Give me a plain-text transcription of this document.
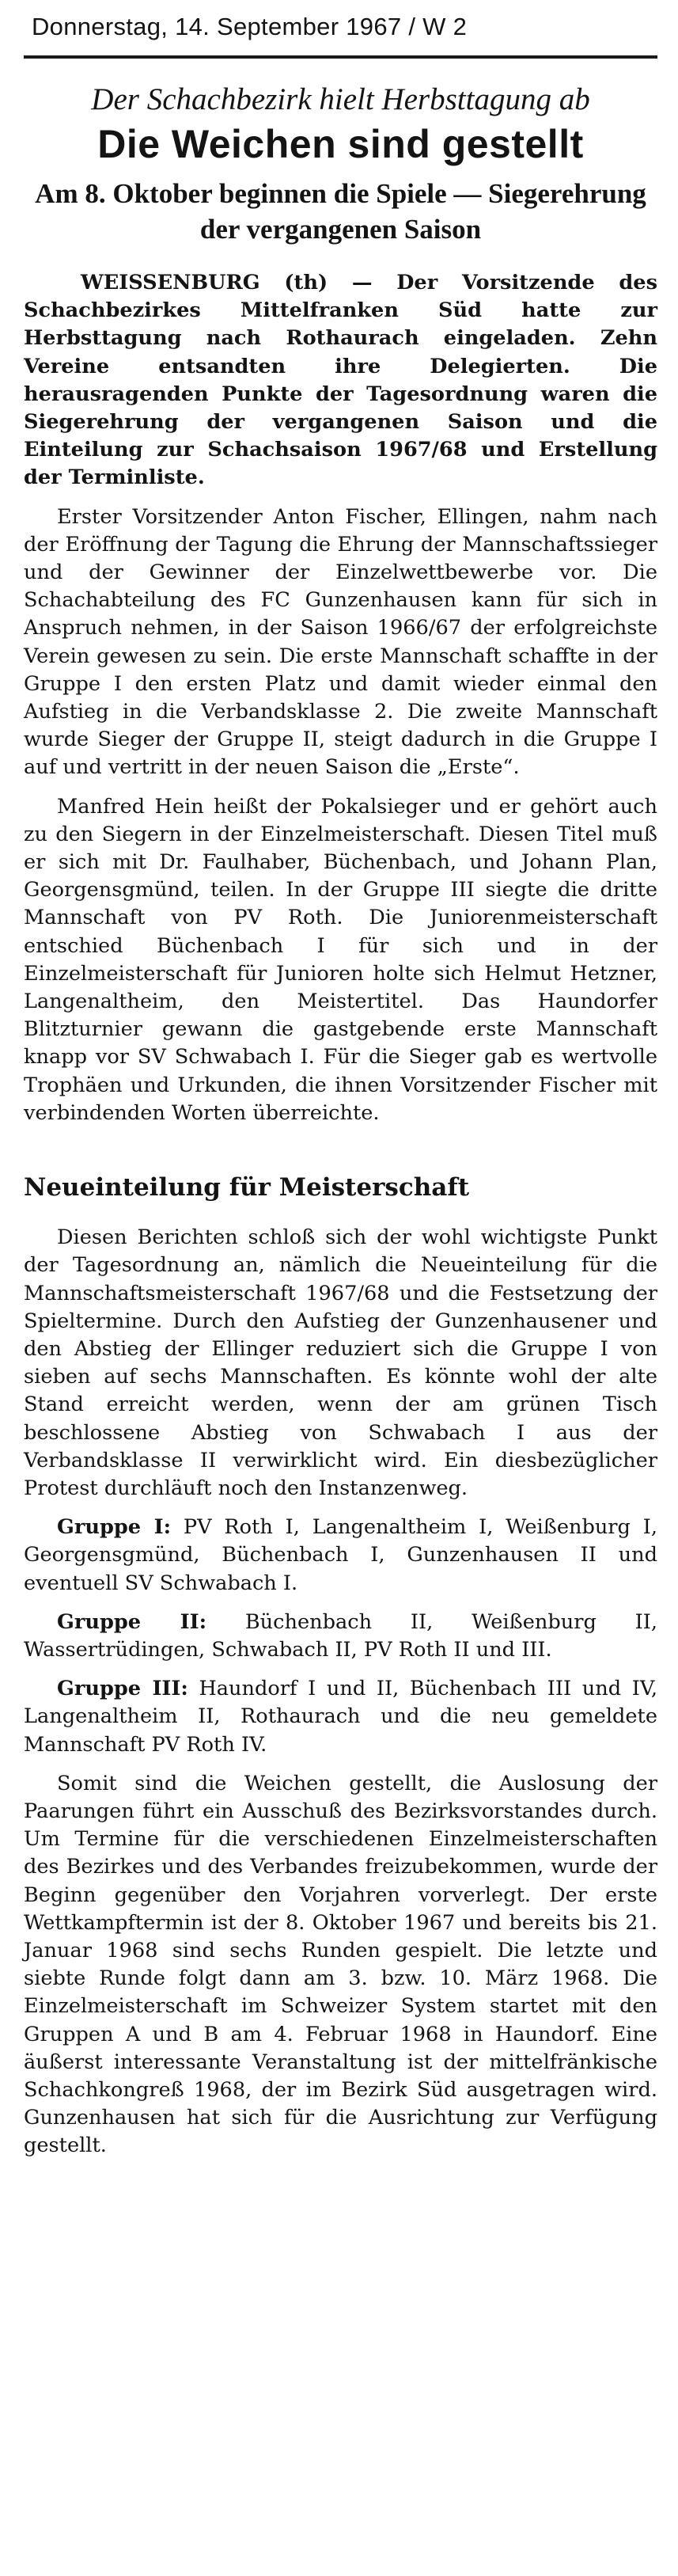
Donnerstag, 14. September 1967 / W 2
Der Schachbezirk hielt Herbsttagung ab
Die Weichen sind gestellt
Am 8. Oktober beginnen die Spiele — Siegerehrung der vergangenen Saison

WEISSENBURG (th) — Der Vorsitzende des Schachbezirkes Mittelfranken Süd hatte zur Herbsttagung nach Rothaurach eingeladen. Zehn Vereine entsandten ihre Delegierten. Die herausragenden Punkte der Tagesordnung waren die Siegerehrung der vergangenen Saison und die Einteilung zur Schachsaison 1967/68 und Erstellung der Terminliste.

Erster Vorsitzender Anton Fischer, Ellingen, nahm nach der Eröffnung der Tagung die Ehrung der Mannschaftssieger und der Gewinner der Einzelwettbewerbe vor. Die Schachabteilung des FC Gunzenhausen kann für sich in Anspruch nehmen, in der Saison 1966/67 der erfolgreichste Verein gewesen zu sein. Die erste Mannschaft schaffte in der Gruppe I den ersten Platz und damit wieder einmal den Aufstieg in die Verbandsklasse 2. Die zweite Mannschaft wurde Sieger der Gruppe II, steigt dadurch in die Gruppe I auf und vertritt in der neuen Saison die „Erste“.

Manfred Hein heißt der Pokalsieger und er gehört auch zu den Siegern in der Einzelmeisterschaft. Diesen Titel muß er sich mit Dr. Faulhaber, Büchenbach, und Johann Plan, Georgensgmünd, teilen. In der Gruppe III siegte die dritte Mannschaft von PV Roth. Die Juniorenmeisterschaft entschied Büchenbach I für sich und in der Einzelmeisterschaft für Junioren holte sich Helmut Hetzner, Langenaltheim, den Meistertitel. Das Haundorfer Blitzturnier gewann die gastgebende erste Mannschaft knapp vor SV Schwabach I. Für die Sieger gab es wertvolle Trophäen und Urkunden, die ihnen Vorsitzender Fischer mit verbindenden Worten überreichte.

Neueinteilung für Meisterschaft

Diesen Berichten schloß sich der wohl wichtigste Punkt der Tagesordnung an, nämlich die Neueinteilung für die Mannschaftsmeisterschaft 1967/68 und die Festsetzung der Spieltermine. Durch den Aufstieg der Gunzenhausener und den Abstieg der Ellinger reduziert sich die Gruppe I von sieben auf sechs Mannschaften. Es könnte wohl der alte Stand erreicht werden, wenn der am grünen Tisch beschlossene Abstieg von Schwabach I aus der Verbandsklasse II verwirklicht wird. Ein diesbezüglicher Protest durchläuft noch den Instanzenweg.

Gruppe I: PV Roth I, Langenaltheim I, Weißenburg I, Georgensgmünd, Büchenbach I, Gunzenhausen II und eventuell SV Schwabach I.

Gruppe II: Büchenbach II, Weißenburg II, Wassertrüdingen, Schwabach II, PV Roth II und III.

Gruppe III: Haundorf I und II, Büchenbach III und IV, Langenaltheim II, Rothaurach und die neu gemeldete Mannschaft PV Roth IV.

Somit sind die Weichen gestellt, die Auslosung der Paarungen führt ein Ausschuß des Bezirksvorstandes durch. Um Termine für die verschiedenen Einzelmeisterschaften des Bezirkes und des Verbandes freizubekommen, wurde der Beginn gegenüber den Vorjahren vorverlegt. Der erste Wettkampftermin ist der 8. Oktober 1967 und bereits bis 21. Januar 1968 sind sechs Runden gespielt. Die letzte und siebte Runde folgt dann am 3. bzw. 10. März 1968. Die Einzelmeisterschaft im Schweizer System startet mit den Gruppen A und B am 4. Februar 1968 in Haundorf. Eine äußerst interessante Veranstaltung ist der mittelfränkische Schachkongreß 1968, der im Bezirk Süd ausgetragen wird. Gunzenhausen hat sich für die Ausrichtung zur Verfügung gestellt.
